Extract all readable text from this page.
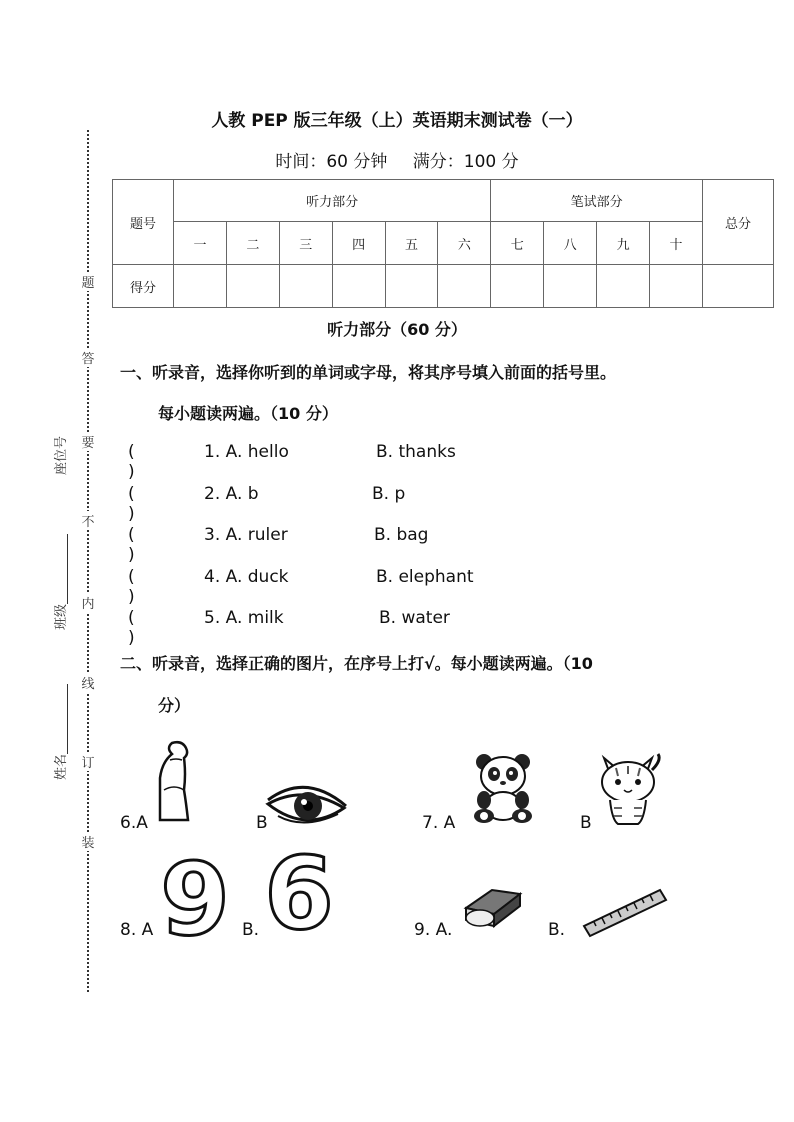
题
答
要
不
内
线
订
装
座位号
班级
姓名
人教 PEP 版三年级（上）英语期末测试卷（一）
时间：60 分钟 满分：100 分
题号	听力部分						笔试部分				总分
	一	二	三	四	五	六	七	八	九	十	
得分											
听力部分（60 分）
一、听录音，选择你听到的单词或字母，将其序号填入前面的括号里。
每小题读两遍。（10 分）
( )
1. A. hello	B. thanks
( )
2. A. b	B. p
( )
3. A. ruler	B. bag
( )
4. A. duck	B. elephant
( )
5. A. milk	B. water
二、听录音，选择正确的图片，在序号上打√。每小题读两遍。（10
分）
6.A	B	7. A	B
8. A 9 B. 6	9. A.	B.
